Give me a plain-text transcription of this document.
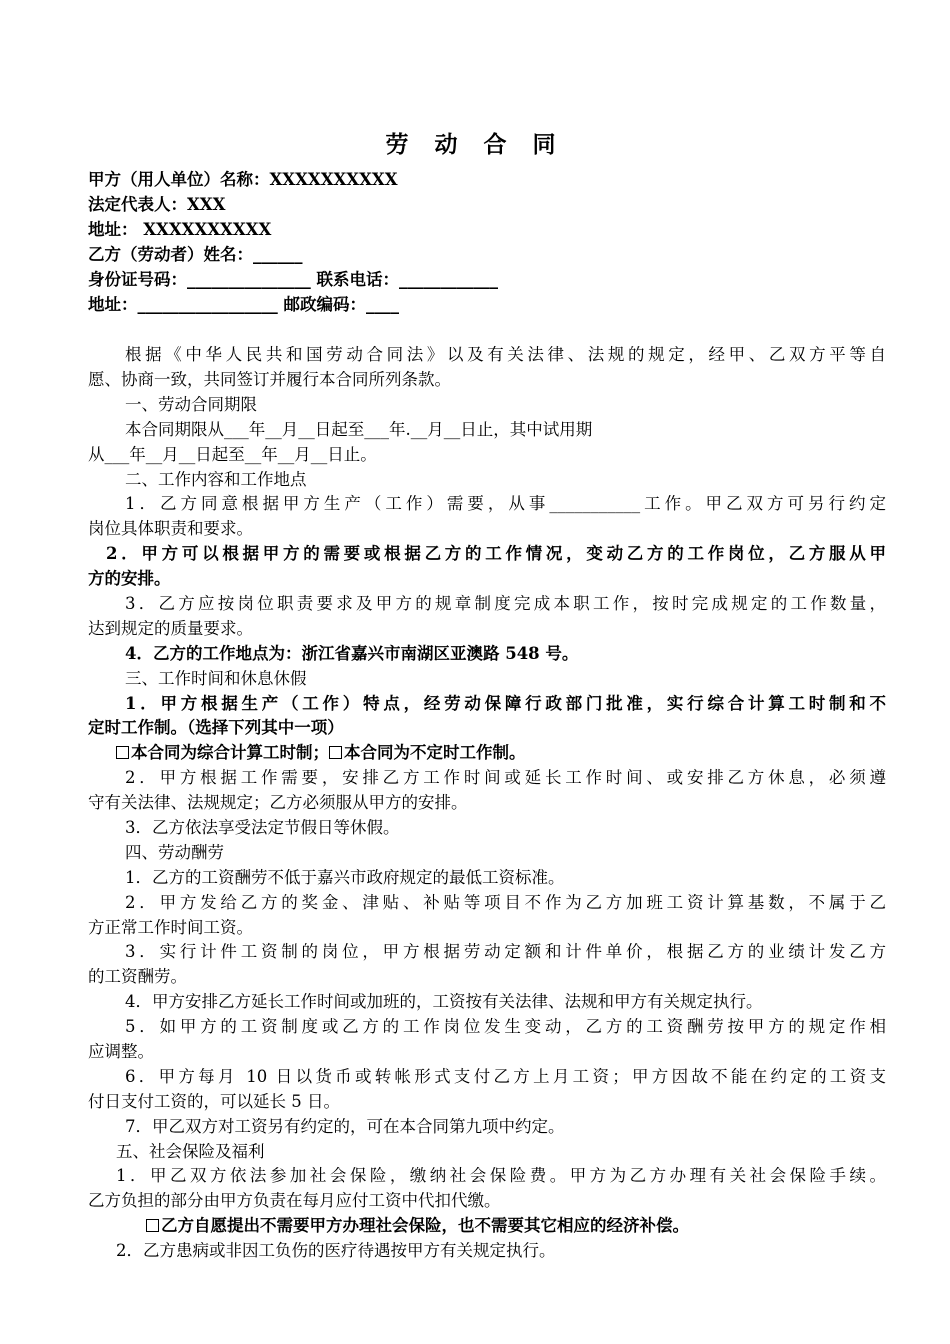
劳 动 合 同
甲方（用人单位）名称：XXXXXXXXXX
法定代表人：XXX
地址： XXXXXXXXXX
乙方（劳动者）姓名：______
身份证号码：_______________ 联系电话：____________
地址：_________________ 邮政编码：____
根据《中华人民共和国劳动合同法》以及有关法律、法规的规定，经甲、乙双方平等自
愿、协商一致，共同签订并履行本合同所列条款。
一、劳动合同期限
本合同期限从___年__月__日起至___年.__月__日止，其中试用期
从___年__月__日起至__年__月__日止。
二、工作内容和工作地点
1．乙方同意根据甲方生产（工作）需要，从事___________工作。甲乙双方可另行约定
岗位具体职责和要求。
2．甲方可以根据甲方的需要或根据乙方的工作情况，变动乙方的工作岗位，乙方服从甲
方的安排。
3．乙方应按岗位职责要求及甲方的规章制度完成本职工作，按时完成规定的工作数量，
达到规定的质量要求。
4．乙方的工作地点为：浙江省嘉兴市南湖区亚澳路 548 号。
三、工作时间和休息休假
1．甲方根据生产（工作）特点，经劳动保障行政部门批准，实行综合计算工时制和不
定时工作制。（选择下列其中一项）
本合同为综合计算工时制； 本合同为不定时工作制。
2．甲方根据工作需要，安排乙方工作时间或延长工作时间、或安排乙方休息，必须遵
守有关法律、法规规定；乙方必须服从甲方的安排。
3．乙方依法享受法定节假日等休假。
四、劳动酬劳
1．乙方的工资酬劳不低于嘉兴市政府规定的最低工资标准。
2．甲方发给乙方的奖金、津贴、补贴等项目不作为乙方加班工资计算基数，不属于乙
方正常工作时间工资。
3．实行计件工资制的岗位，甲方根据劳动定额和计件单价，根据乙方的业绩计发乙方
的工资酬劳。
4．甲方安排乙方延长工作时间或加班的，工资按有关法律、法规和甲方有关规定执行。
5．如甲方的工资制度或乙方的工作岗位发生变动，乙方的工资酬劳按甲方的规定作相
应调整。
6．甲方每月 10 日以货币或转帐形式支付乙方上月工资；甲方因故不能在约定的工资支
付日支付工资的，可以延长 5 日。
7．甲乙双方对工资另有约定的，可在本合同第九项中约定。
五、社会保险及福利
1．甲乙双方依法参加社会保险，缴纳社会保险费。甲方为乙方办理有关社会保险手续。
乙方负担的部分由甲方负责在每月应付工资中代扣代缴。
乙方自愿提出不需要甲方办理社会保险，也不需要其它相应的经济补偿。
2．乙方患病或非因工负伤的医疗待遇按甲方有关规定执行。
